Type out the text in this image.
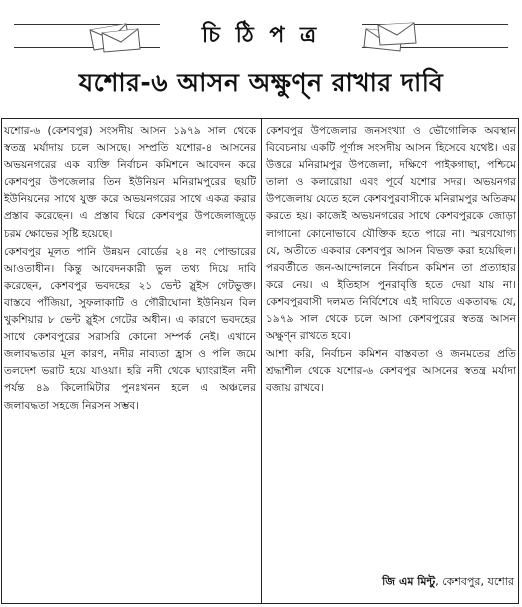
চি ঠি প ত্র
যশোর-৬ আসন অক্ষুণ্ন রাখার দাবি

যশোর-৬ (কেশবপুর) সংসদীয় আসন ১৯৭৯ সাল থেকে স্বতন্ত্র মর্যাদায় চলে আসছে। সম্প্রতি যশোর-৪ আসনের অভয়নগরের এক ব্যক্তি নির্বাচন কমিশনে আবেদন করে কেশবপুর উপজেলার তিন ইউনিয়ন মনিরামপুরের ছয়টি ইউনিয়নের সাথে যুক্ত করে অভয়নগরের সাথে একত্র করার প্রস্তাব করেছেন। এ প্রস্তাব ঘিরে কেশবপুর উপজেলাজুড়ে চরম ক্ষোভের সৃষ্টি হয়েছে।

কেশবপুর মূলত পানি উন্নয়ন বোর্ডের ২৪ নং পোল্ডারের আওতাধীন। কিন্তু আবেদনকারী ভুল তথ্য দিয়ে দাবি করেছেন, কেশবপুর ভবদহের ২১ ভেন্ট স্লুইস গেটভুক্ত। বাস্তবে পাঁজিয়া, সুফলাকাটি ও গৌরীঘোনা ইউনিয়ন বিল খুকশিয়ার ৮ ভেন্ট স্লুইস গেটের অধীন। এ কারণে ভবদহের সাথে কেশবপুরের সরাসরি কোনো সম্পর্ক নেই। এখানে জলাবদ্ধতার মূল কারণ, নদীর নাব্যতা হ্রাস ও পলি জমে তলদেশ ভরাট হয়ে যাওয়া। হরি নদী থেকে ঘ্যাংরাইল নদী পর্যন্ত ৪৯ কিলোমিটার পুনঃখনন হলে এ অঞ্চলের জলাবদ্ধতা সহজে নিরসন সম্ভব।

কেশবপুর উপজেলার জনসংখ্যা ও ভৌগোলিক অবস্থান বিবেচনায় একটি পূর্ণাঙ্গ সংসদীয় আসন হিসেবে যথেষ্ট। এর উত্তরে মনিরামপুর উপজেলা, দক্ষিণে পাইকগাছা, পশ্চিমে তালা ও কলারোয়া এবং পূর্বে যশোর সদর। অভয়নগর উপজেলায় যেতে হলে কেশবপুরবাসীকে মনিরামপুর অতিক্রম করতে হয়। কাজেই অভয়নগরের সাথে কেশবপুরকে জোড়া লাগানো কোনোভাবে যৌক্তিক হতে পারে না। স্মরণযোগ্য যে, অতীতে একবার কেশবপুর আসন বিভক্ত করা হয়েছিল। পরবর্তীতে জন-আন্দোলনে নির্বাচন কমিশন তা প্রত্যাহার করে নেয়। এ ইতিহাস পুনরাবৃত্তি হতে দেয়া যায় না। কেশবপুরবাসী দলমত নির্বিশেষে এই দাবিতে একতাবদ্ধ যে, ১৯৭৯ সাল থেকে চলে আসা কেশবপুরের স্বতন্ত্র আসন অক্ষুণ্ন রাখতে হবে।

আশা করি, নির্বাচন কমিশন বাস্তবতা ও জনমতের প্রতি শ্রদ্ধাশীল থেকে যশোর-৬ কেশবপুর আসনের স্বতন্ত্র মর্যাদা বজায় রাখবে।

জি এম মিন্টু, কেশবপুর, যশোর
